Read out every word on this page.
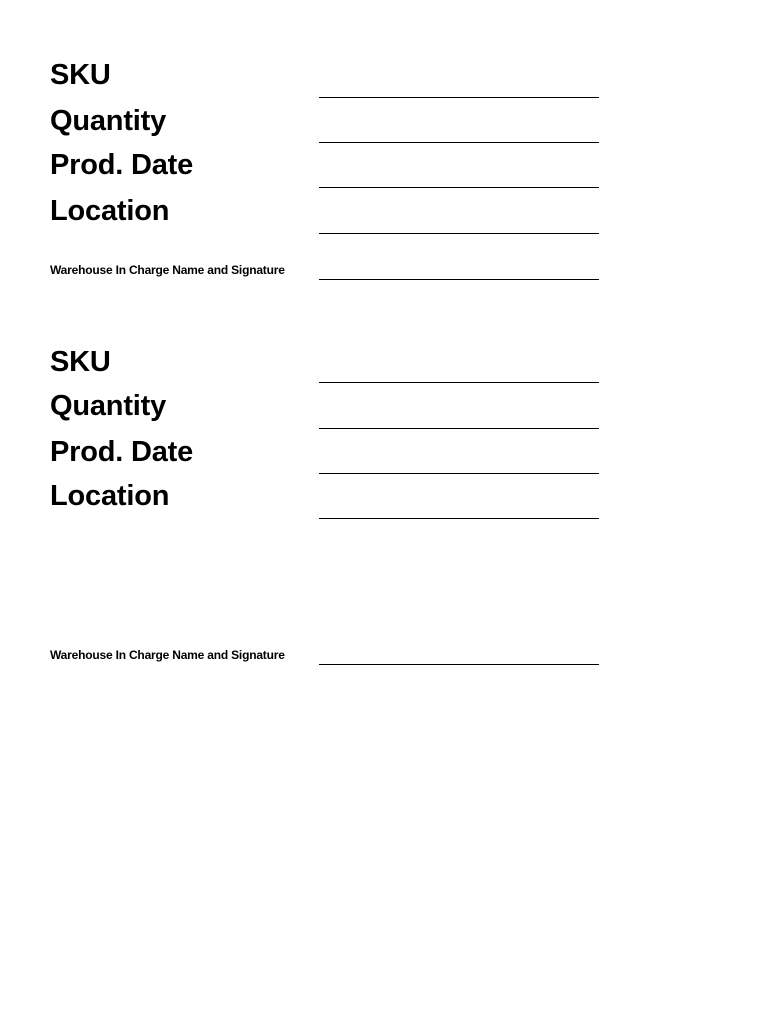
SKU
Quantity
Prod. Date
Location
Warehouse In Charge Name and Signature
SKU
Quantity
Prod. Date
Location
Warehouse In Charge Name and Signature
